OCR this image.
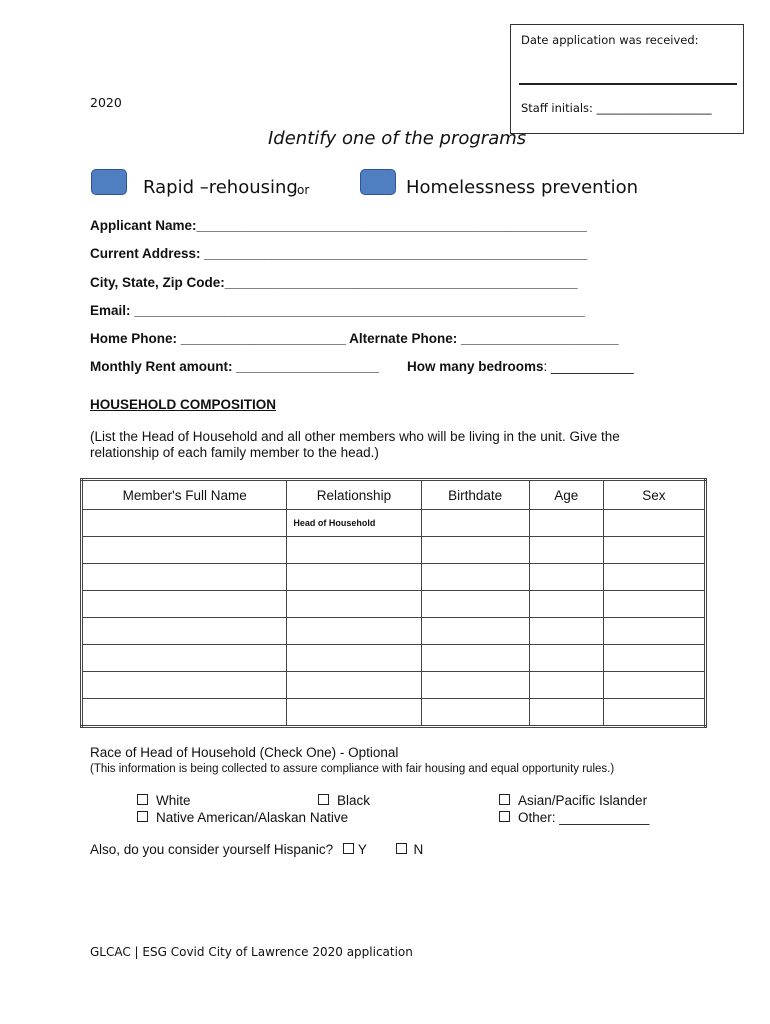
Date application was received:
Staff initials: ____________________
2020
Identify one of the programs
Rapid –rehousing or	Homelessness prevention
Applicant Name:____________________________________________________
Current Address: ___________________________________________________
City, State, Zip Code:_______________________________________________
Email: ____________________________________________________________
Home Phone: ______________________ Alternate Phone: _____________________
Monthly Rent amount: ___________________ How many bedrooms: ___________
HOUSEHOLD COMPOSITION
(List the Head of Household and all other members who will be living in the unit. Give the relationship of each family member to the head.)
Member's Full Name	Relationship	Birthdate	Age	Sex
	Head of Household			

Race of Head of Household (Check One) - Optional
(This information is being collected to assure compliance with fair housing and equal opportunity rules.)
White	Black	Asian/Pacific Islander
Native American/Alaskan Native	Other: ____________
Also, do you consider yourself Hispanic? Y	N
GLCAC | ESG Covid City of Lawrence 2020 application
